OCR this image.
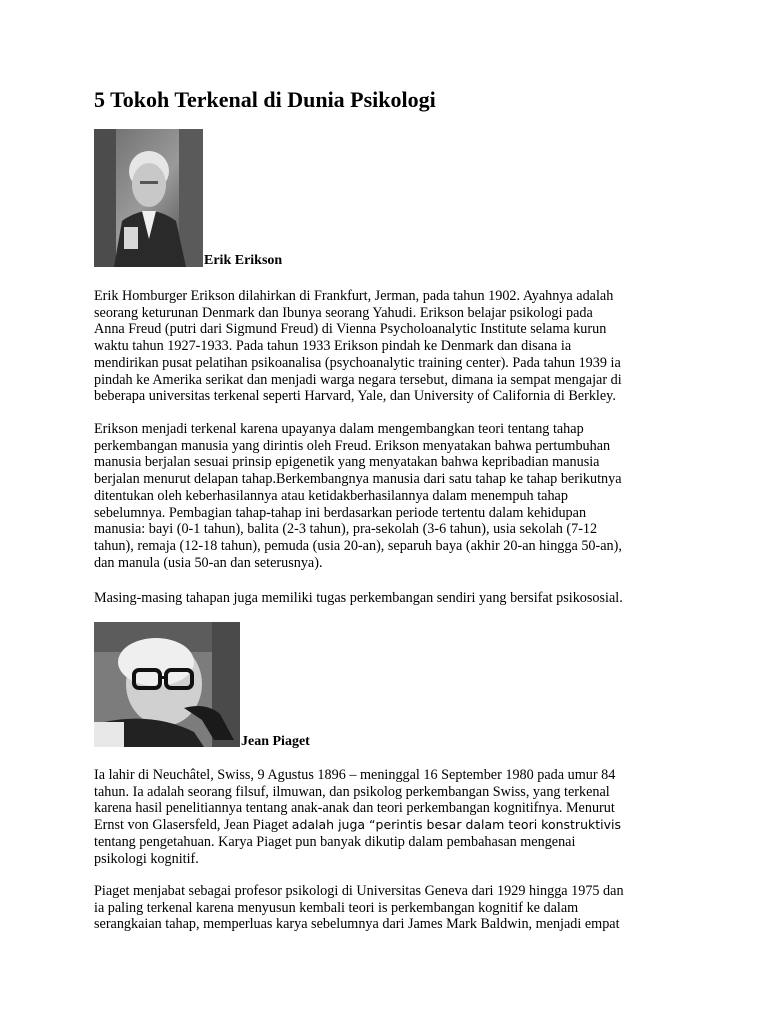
5 Tokoh Terkenal di Dunia Psikologi
Erik Erikson

Erik Homburger Erikson dilahirkan di Frankfurt, Jerman, pada tahun 1902. Ayahnya adalah
seorang keturunan Denmark dan Ibunya seorang Yahudi. Erikson belajar psikologi pada
Anna Freud (putri dari Sigmund Freud) di Vienna Psycholoanalytic Institute selama kurun
waktu tahun 1927-1933. Pada tahun 1933 Erikson pindah ke Denmark dan disana ia
mendirikan pusat pelatihan psikoanalisa (psychoanalytic training center). Pada tahun 1939 ia
pindah ke Amerika serikat dan menjadi warga negara tersebut, dimana ia sempat mengajar di
beberapa universitas terkenal seperti Harvard, Yale, dan University of California di Berkley.

Erikson menjadi terkenal karena upayanya dalam mengembangkan teori tentang tahap
perkembangan manusia yang dirintis oleh Freud. Erikson menyatakan bahwa pertumbuhan
manusia berjalan sesuai prinsip epigenetik yang menyatakan bahwa kepribadian manusia
berjalan menurut delapan tahap.Berkembangnya manusia dari satu tahap ke tahap berikutnya
ditentukan oleh keberhasilannya atau ketidakberhasilannya dalam menempuh tahap
sebelumnya. Pembagian tahap-tahap ini berdasarkan periode tertentu dalam kehidupan
manusia: bayi (0-1 tahun), balita (2-3 tahun), pra-sekolah (3-6 tahun), usia sekolah (7-12
tahun), remaja (12-18 tahun), pemuda (usia 20-an), separuh baya (akhir 20-an hingga 50-an),
dan manula (usia 50-an dan seterusnya).

Masing-masing tahapan juga memiliki tugas perkembangan sendiri yang bersifat psikososial.

Jean Piaget

Ia lahir di Neuchâtel, Swiss, 9 Agustus 1896 – meninggal 16 September 1980 pada umur 84
tahun. Ia adalah seorang filsuf, ilmuwan, dan psikolog perkembangan Swiss, yang terkenal
karena hasil penelitiannya tentang anak-anak dan teori perkembangan kognitifnya. Menurut
Ernst von Glasersfeld, Jean Piaget adalah juga “perintis besar dalam teori konstruktivis
tentang pengetahuan. Karya Piaget pun banyak dikutip dalam pembahasan mengenai
psikologi kognitif.

Piaget menjabat sebagai profesor psikologi di Universitas Geneva dari 1929 hingga 1975 dan
ia paling terkenal karena menyusun kembali teori is perkembangan kognitif ke dalam
serangkaian tahap, memperluas karya sebelumnya dari James Mark Baldwin, menjadi empat
